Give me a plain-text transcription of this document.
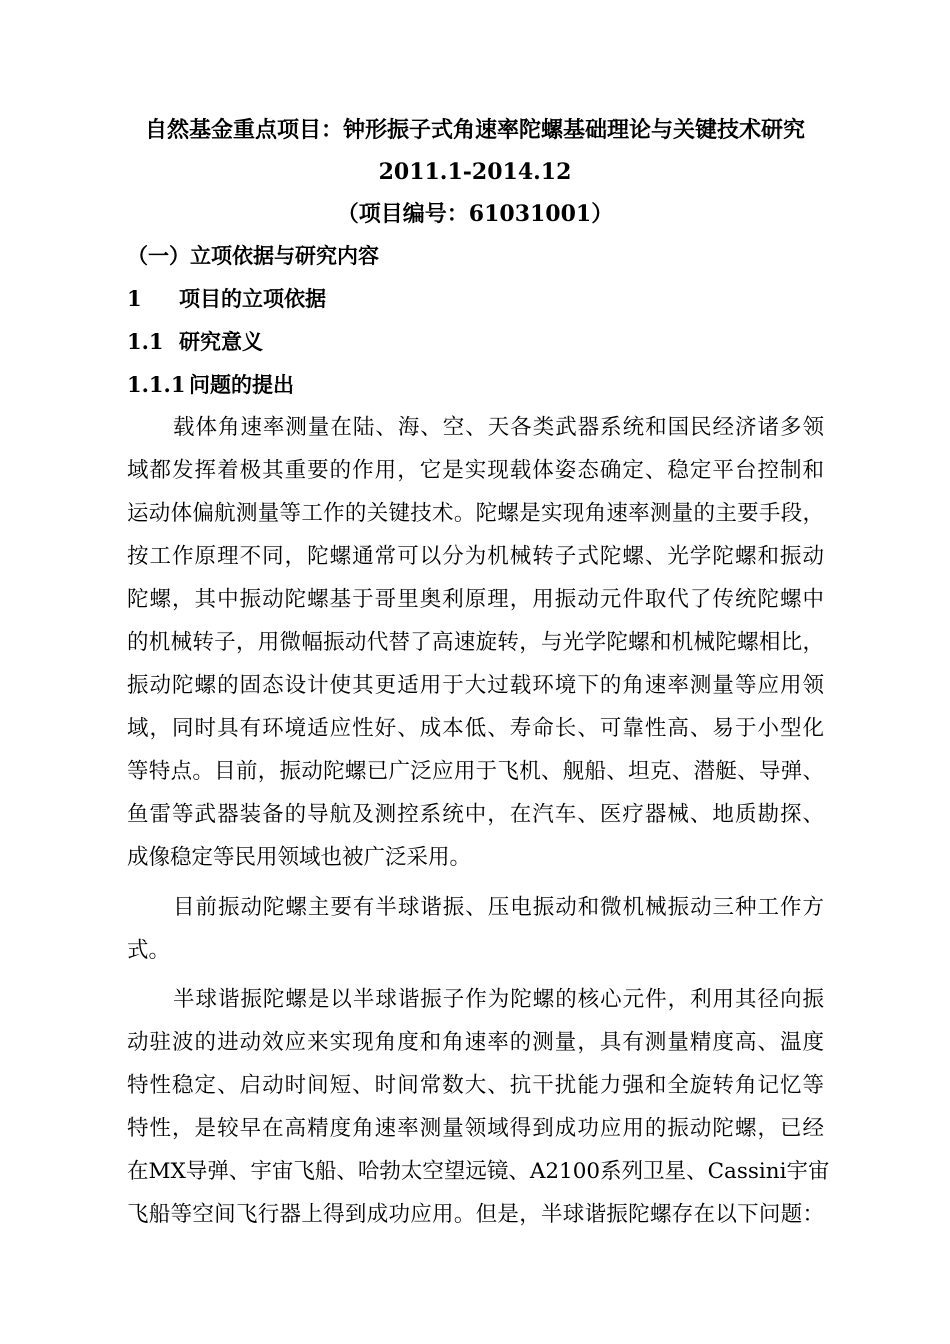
自然基金重点项目：钟形振子式角速率陀螺基础理论与关键技术研究
2011.1-2014.12
（项目编号：61031001）
（一）立项依据与研究内容
1 项目的立项依据
1.1 研究意义
1.1.1 问题的提出
载体角速率测量在陆、海、空、天各类武器系统和国民经济诸多领
域都发挥着极其重要的作用，它是实现载体姿态确定、稳定平台控制和
运动体偏航测量等工作的关键技术。陀螺是实现角速率测量的主要手段，
按工作原理不同，陀螺通常可以分为机械转子式陀螺、光学陀螺和振动
陀螺，其中振动陀螺基于哥里奥利原理，用振动元件取代了传统陀螺中
的机械转子，用微幅振动代替了高速旋转，与光学陀螺和机械陀螺相比，
振动陀螺的固态设计使其更适用于大过载环境下的角速率测量等应用领
域，同时具有环境适应性好、成本低、寿命长、可靠性高、易于小型化
等特点。目前，振动陀螺已广泛应用于飞机、舰船、坦克、潜艇、导弹、
鱼雷等武器装备的导航及测控系统中，在汽车、医疗器械、地质勘探、
成像稳定等民用领域也被广泛采用。
目前振动陀螺主要有半球谐振、压电振动和微机械振动三种工作方
式。
半球谐振陀螺是以半球谐振子作为陀螺的核心元件，利用其径向振
动驻波的进动效应来实现角度和角速率的测量，具有测量精度高、温度
特性稳定、启动时间短、时间常数大、抗干扰能力强和全旋转角记忆等
特性，是较早在高精度角速率测量领域得到成功应用的振动陀螺，已经
在MX导弹、宇宙飞船、哈勃太空望远镜、A2100系列卫星、Cassini宇宙
飞船等空间飞行器上得到成功应用。但是，半球谐振陀螺存在以下问题：
